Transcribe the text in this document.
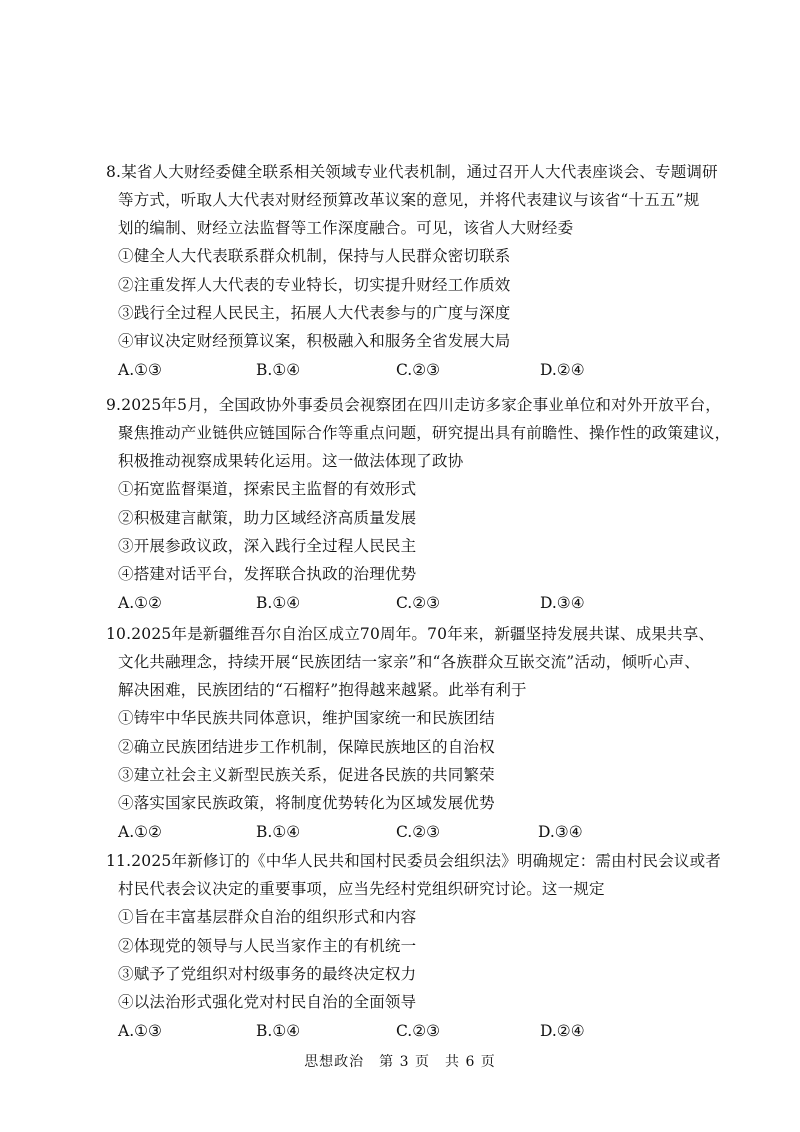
8.某省人大财经委健全联系相关领域专业代表机制，通过召开人大代表座谈会、专题调研
等方式，听取人大代表对财经预算改革议案的意见，并将代表建议与该省“十五五”规
划的编制、财经立法监督等工作深度融合。可见，该省人大财经委
①健全人大代表联系群众机制，保持与人民群众密切联系
②注重发挥人大代表的专业特长，切实提升财经工作质效
③践行全过程人民民主，拓展人大代表参与的广度与深度
④审议决定财经预算议案，积极融入和服务全省发展大局
A.①③	B.①④	C.②③	D.②④
9.2025年5月，全国政协外事委员会视察团在四川走访多家企事业单位和对外开放平台，
聚焦推动产业链供应链国际合作等重点问题，研究提出具有前瞻性、操作性的政策建议，
积极推动视察成果转化运用。这一做法体现了政协
①拓宽监督渠道，探索民主监督的有效形式
②积极建言献策，助力区域经济高质量发展
③开展参政议政，深入践行全过程人民民主
④搭建对话平台，发挥联合执政的治理优势
A.①②	B.①④	C.②③	D.③④
10.2025年是新疆维吾尔自治区成立70周年。70年来，新疆坚持发展共谋、成果共享、
文化共融理念，持续开展“民族团结一家亲”和“各族群众互嵌交流”活动，倾听心声、
解决困难，民族团结的“石榴籽”抱得越来越紧。此举有利于
①铸牢中华民族共同体意识，维护国家统一和民族团结
②确立民族团结进步工作机制，保障民族地区的自治权
③建立社会主义新型民族关系，促进各民族的共同繁荣
④落实国家民族政策，将制度优势转化为区域发展优势
A.①②	B.①④	C.②③	D.③④
11.2025年新修订的《中华人民共和国村民委员会组织法》明确规定：需由村民会议或者
村民代表会议决定的重要事项，应当先经村党组织研究讨论。这一规定
①旨在丰富基层群众自治的组织形式和内容
②体现党的领导与人民当家作主的有机统一
③赋予了党组织对村级事务的最终决定权力
④以法治形式强化党对村民自治的全面领导
A.①③	B.①④	C.②③	D.②④
思想政治　第 3 页　共 6 页
